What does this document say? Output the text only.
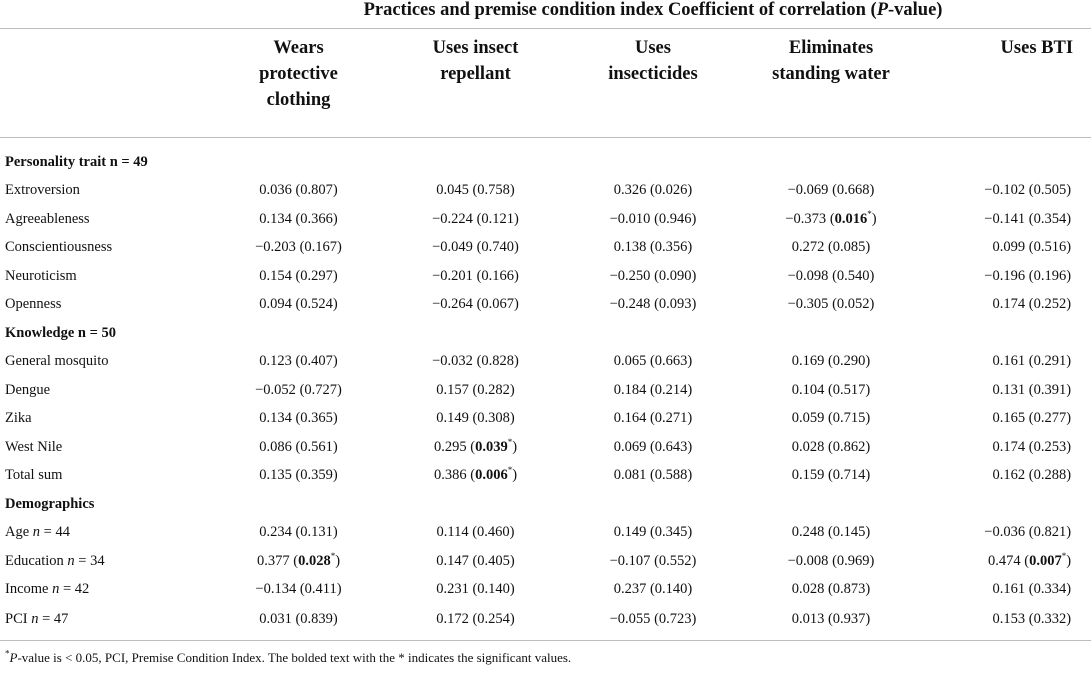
Practices and premise condition index Coefficient of correlation (P-value)					

	Wears
protective
clothing	Uses insect
repellant	Uses
insecticides	Eliminates
standing water	Uses BTI

Personality trait n = 49					
Extroversion	0.036 (0.807)	0.045 (0.758)	0.326 (0.026)	−0.069 (0.668)	−0.102 (0.505)
Agreeableness	0.134 (0.366)	−0.224 (0.121)	−0.010 (0.946)	−0.373 (0.016*)	−0.141 (0.354)
Conscientiousness	−0.203 (0.167)	−0.049 (0.740)	0.138 (0.356)	0.272 (0.085)	0.099 (0.516)
Neuroticism	0.154 (0.297)	−0.201 (0.166)	−0.250 (0.090)	−0.098 (0.540)	−0.196 (0.196)
Openness	0.094 (0.524)	−0.264 (0.067)	−0.248 (0.093)	−0.305 (0.052)	0.174 (0.252)
Knowledge n = 50					
General mosquito	0.123 (0.407)	−0.032 (0.828)	0.065 (0.663)	0.169 (0.290)	0.161 (0.291)
Dengue	−0.052 (0.727)	0.157 (0.282)	0.184 (0.214)	0.104 (0.517)	0.131 (0.391)
Zika	0.134 (0.365)	0.149 (0.308)	0.164 (0.271)	0.059 (0.715)	0.165 (0.277)
West Nile	0.086 (0.561)	0.295 (0.039*)	0.069 (0.643)	0.028 (0.862)	0.174 (0.253)
Total sum	0.135 (0.359)	0.386 (0.006*)	0.081 (0.588)	0.159 (0.714)	0.162 (0.288)
Demographics					
Age n = 44	0.234 (0.131)	0.114 (0.460)	0.149 (0.345)	0.248 (0.145)	−0.036 (0.821)
Education n = 34	0.377 (0.028*)	0.147 (0.405)	−0.107 (0.552)	−0.008 (0.969)	0.474 (0.007*)
Income n = 42	−0.134 (0.411)	0.231 (0.140)	0.237 (0.140)	0.028 (0.873)	0.161 (0.334)
PCI n = 47	0.031 (0.839)	0.172 (0.254)	−0.055 (0.723)	0.013 (0.937)	0.153 (0.332)
*P-value is < 0.05, PCI, Premise Condition Index. The bolded text with the * indicates the significant values.
